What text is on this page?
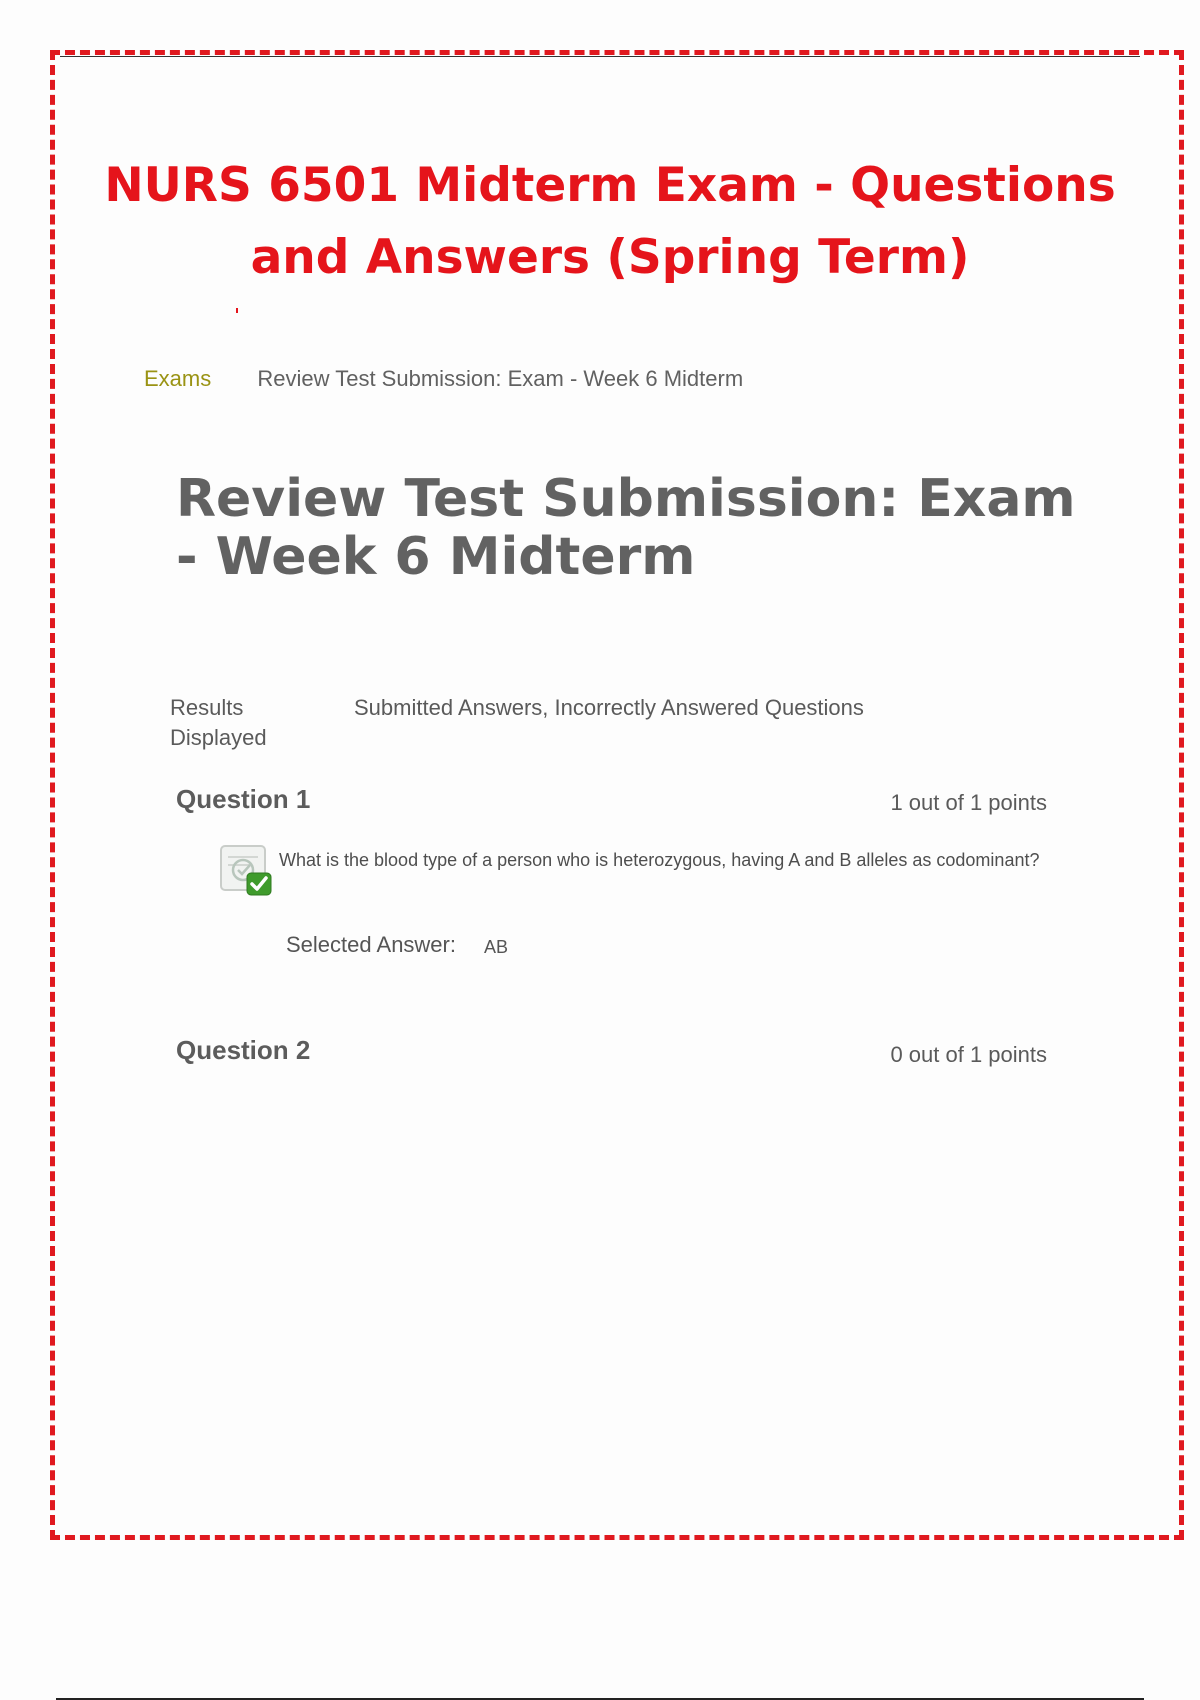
NURS 6501 Midterm Exam - Questions and Answers (Spring Term)
Exams Review Test Submission: Exam - Week 6 Midterm
Review Test Submission: Exam - Week 6 Midterm
Results Displayed
Submitted Answers, Incorrectly Answered Questions
Question 1	1 out of 1 points
What is the blood type of a person who is heterozygous, having A and B alleles as codominant?
Selected Answer: AB
Question 2	0 out of 1 points
